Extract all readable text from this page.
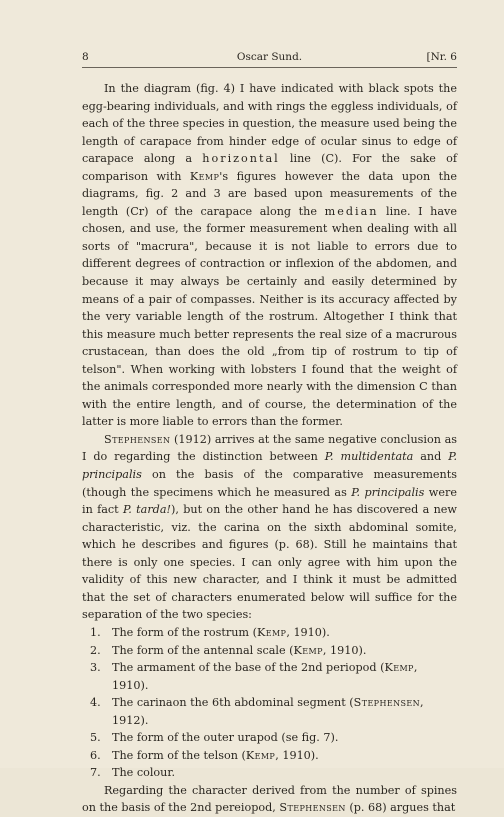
8	Oscar Sund.	[Nr. 6

In the diagram (fig. 4) I have indicated with black spots the egg-bearing individuals, and with rings the eggless individuals, of each of the three species in question, the measure used being the length of carapace from hinder edge of ocular sinus to edge of carapace along a horizontal line (C). For the sake of comparison with Kemp's figures however the data upon the diagrams, fig. 2 and 3 are based upon measurements of the length (Cr) of the carapace along the median line. I have chosen, and use, the former measurement when dealing with all sorts of "macrura", because it is not liable to errors due to different degrees of contraction or inflexion of the abdomen, and because it may always be certainly and easily determined by means of a pair of compasses. Neither is its accuracy affected by the very variable length of the rostrum. Altogether I think that this measure much better represents the real size of a macrurous crustacean, than does the old „from tip of rostrum to tip of telson". When working with lobsters I found that the weight of the animals corresponded more nearly with the dimension C than with the entire length, and of course, the determination of the latter is more liable to errors than the former.

Stephensen (1912) arrives at the same negative conclusion as I do regarding the distinction between P. multidentata and P. principalis on the basis of the comparative measurements (though the specimens which he measured as P. principalis were in fact P. tarda!), but on the other hand he has discovered a new characteristic, viz. the carina on the sixth abdominal somite, which he describes and figures (p. 68). Still he maintains that there is only one species. I can only agree with him upon the validity of this new character, and I think it must be admitted that the set of characters enumerated below will suffice for the separation of the two species:

1. The form of the rostrum (Kemp, 1910).
2. The form of the antennal scale (Kemp, 1910).
3. The armament of the base of the 2nd periopod (Kemp, 1910).
4. The carinaon the 6th abdominal segment (Stephensen, 1912).
5. The form of the outer urapod (se fig. 7).
6. The form of the telson (Kemp, 1910).
7. The colour.

Regarding the character derived from the number of spines on the basis of the 2nd pereiopod, Stephensen (p. 68) argues that
